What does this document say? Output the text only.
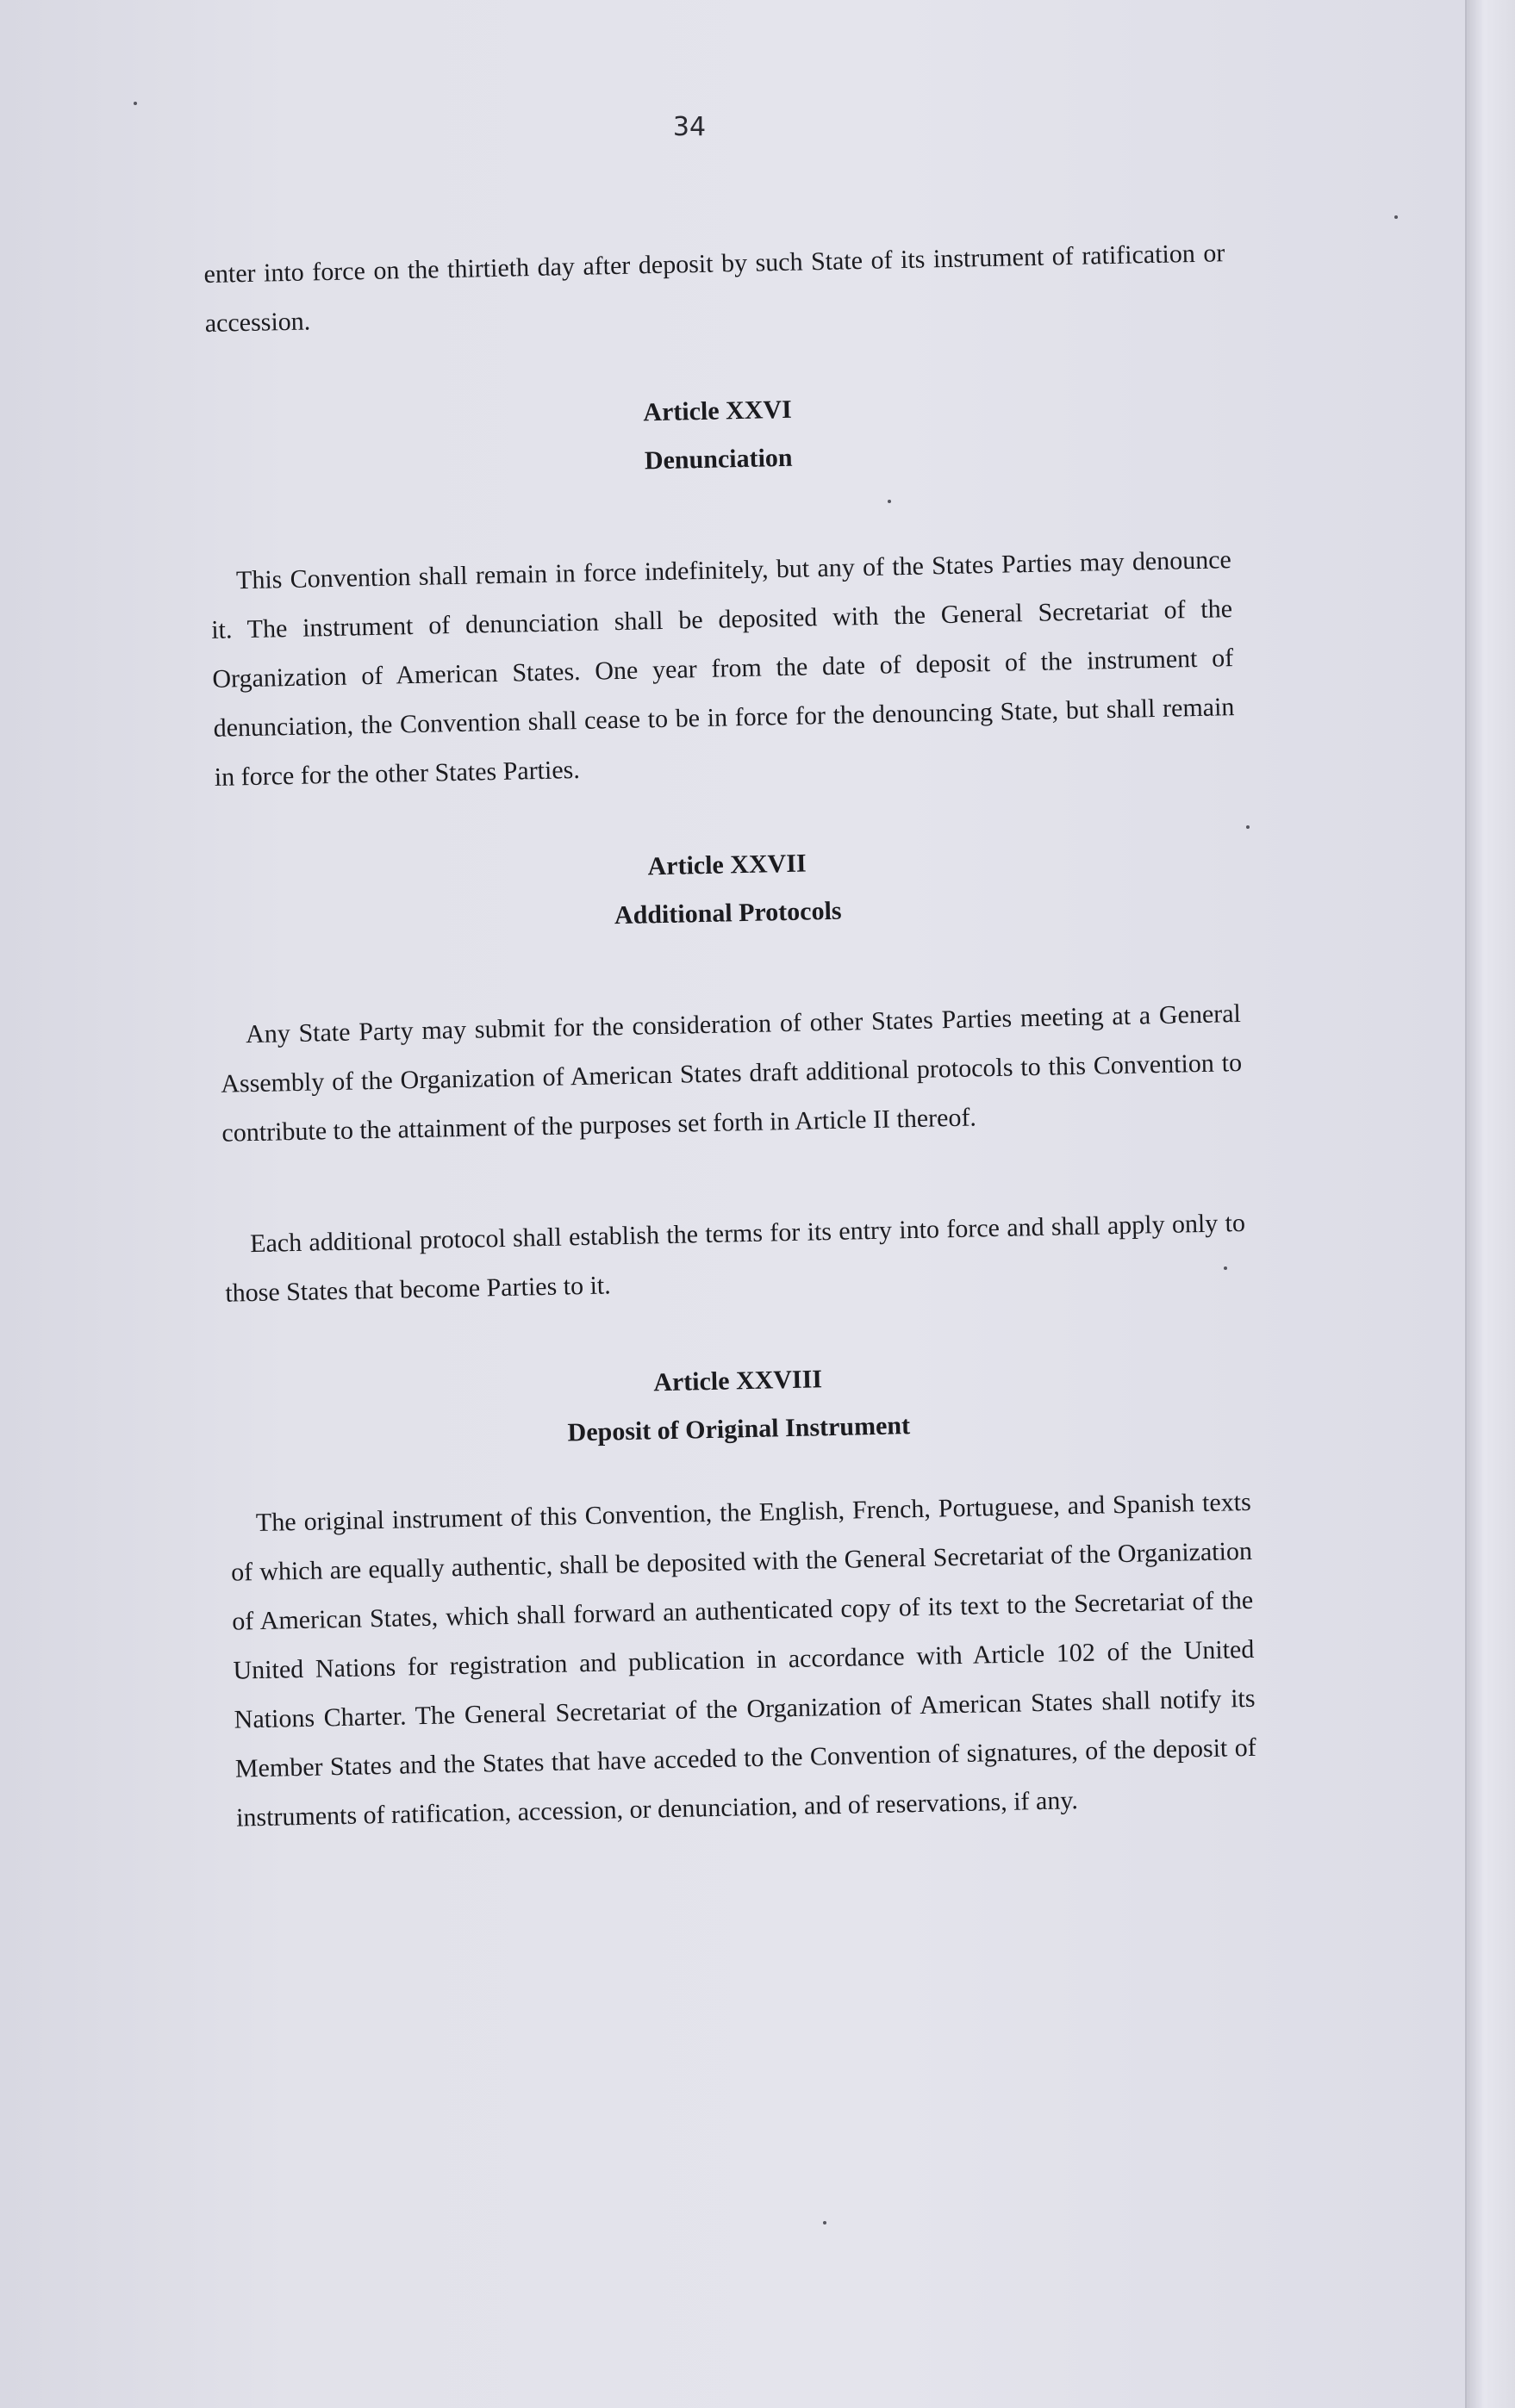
34

enter into force on the thirtieth day after deposit by such State of its instrument of ratification or accession.

Article XXVI

Denunciation

This Convention shall remain in force indefinitely, but any of the States Parties may denounce it. The instrument of denunciation shall be deposited with the General Secretariat of the Organization of American States. One year from the date of deposit of the instrument of denunciation, the Convention shall cease to be in force for the denouncing State, but shall remain in force for the other States Parties.

Article XXVII

Additional Protocols

Any State Party may submit for the consideration of other States Parties meeting at a General Assembly of the Organization of American States draft additional protocols to this Convention to contribute to the attainment of the purposes set forth in Article II thereof.

Each additional protocol shall establish the terms for its entry into force and shall apply only to those States that become Parties to it.

Article XXVIII

Deposit of Original Instrument

The original instrument of this Convention, the English, French, Portuguese, and Spanish texts of which are equally authentic, shall be deposited with the General Secretariat of the Organization of American States, which shall forward an authenticated copy of its text to the Secretariat of the United Nations for registration and publication in accordance with Article 102 of the United Nations Charter. The General Secretariat of the Organization of American States shall notify its Member States and the States that have acceded to the Convention of signatures, of the deposit of instruments of ratification, accession, or denunciation, and of reservations, if any.
